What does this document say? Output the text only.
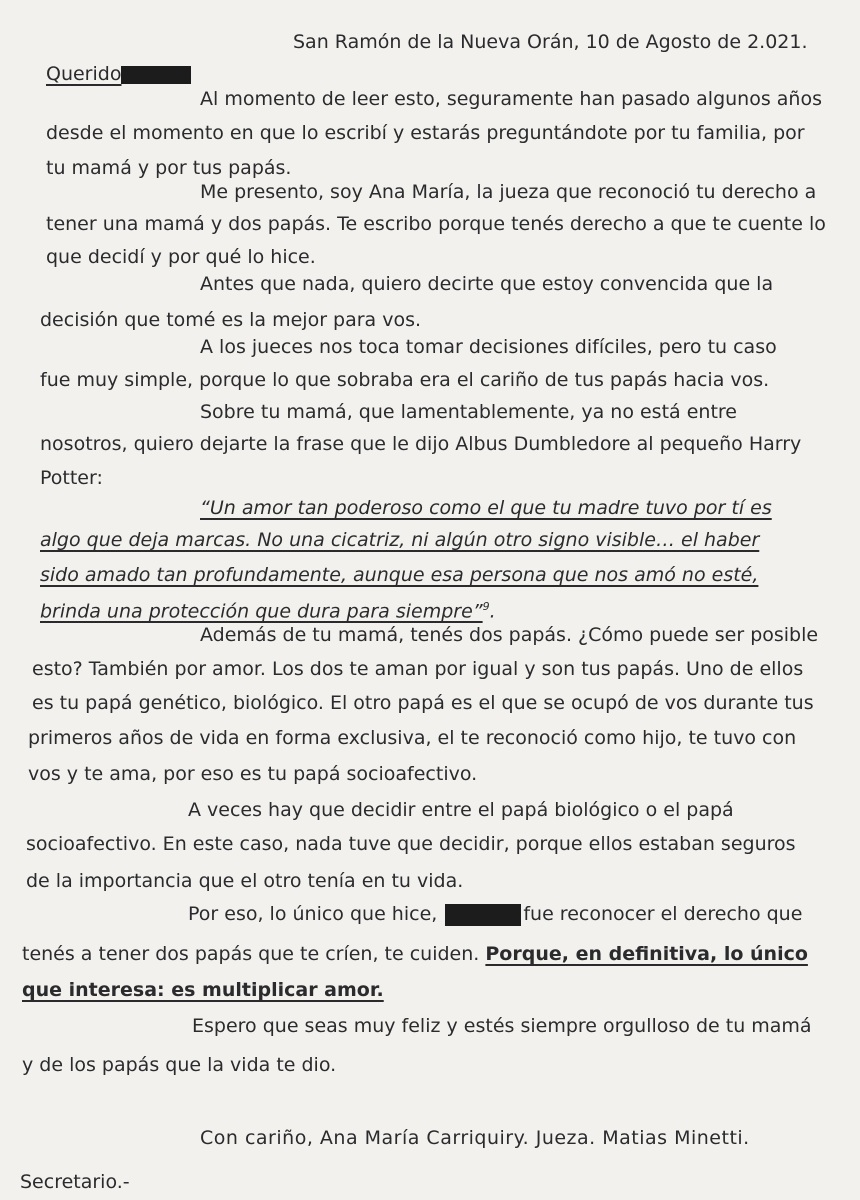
San Ramón de la Nueva Orán, 10 de Agosto de 2.021.
Querido
Al momento de leer esto, seguramente han pasado algunos años
desde el momento en que lo escribí y estarás preguntándote por tu familia, por
tu mamá y por tus papás.
Me presento, soy Ana María, la jueza que reconoció tu derecho a
tener una mamá y dos papás. Te escribo porque tenés derecho a que te cuente lo
que decidí y por qué lo hice.
Antes que nada, quiero decirte que estoy convencida que la
decisión que tomé es la mejor para vos.
A los jueces nos toca tomar decisiones difíciles, pero tu caso
fue muy simple, porque lo que sobraba era el cariño de tus papás hacia vos.
Sobre tu mamá, que lamentablemente, ya no está entre
nosotros, quiero dejarte la frase que le dijo Albus Dumbledore al pequeño Harry
Potter:
“Un amor tan poderoso como el que tu madre tuvo por tí es
algo que deja marcas. No una cicatriz, ni algún otro signo visible… el haber
sido amado tan profundamente, aunque esa persona que nos amó no esté,
brinda una protección que dura para siempre”$^9$.
Además de tu mamá, tenés dos papás. ¿Cómo puede ser posible
esto? También por amor. Los dos te aman por igual y son tus papás. Uno de ellos
es tu papá genético, biológico. El otro papá es el que se ocupó de vos durante tus
primeros años de vida en forma exclusiva, el te reconoció como hijo, te tuvo con
vos y te ama, por eso es tu papá socioafectivo.
A veces hay que decidir entre el papá biológico o el papá
socioafectivo. En este caso, nada tuve que decidir, porque ellos estaban seguros
de la importancia que el otro tenía en tu vida.
Por eso, lo único que hice,	fue reconocer el derecho que
tenés a tener dos papás que te críen, te cuiden. Porque, en definitiva, lo único
que interesa: es multiplicar amor.
Espero que seas muy feliz y estés siempre orgulloso de tu mamá
y de los papás que la vida te dio.
Con cariño, Ana María Carriquiry. Jueza. Matias Minetti.
Secretario.-
